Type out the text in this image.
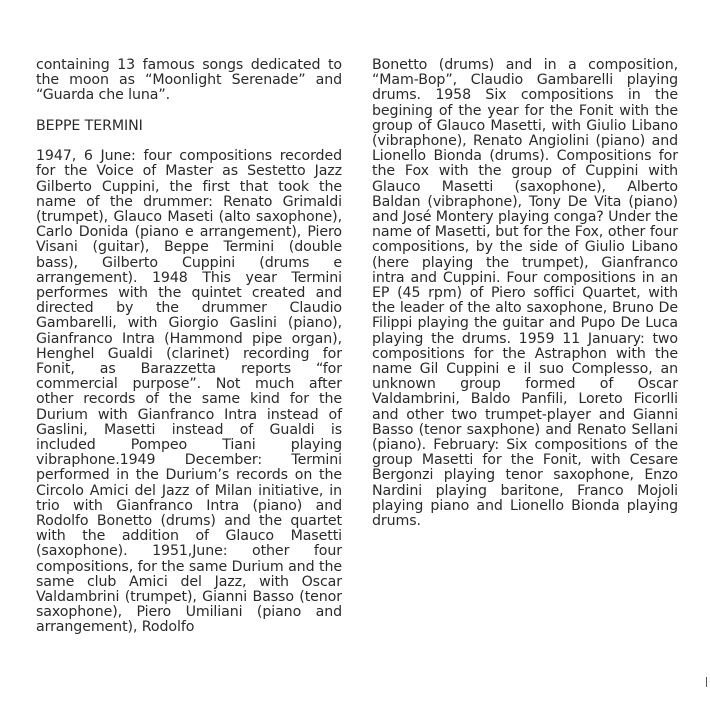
containing 13 famous songs dedicated to the moon as “Moonlight Serenade” and “Guarda che luna”.

BEPPE TERMINI

1947, 6 June: four compositions recorded for the Voice of Master as Sestetto Jazz Gilberto Cuppini, the first that took the name of the drummer: Renato Grimaldi (trumpet), Glauco Maseti (alto saxophone), Carlo Donida (piano e arrangement), Piero Visani (guitar), Beppe Termini (double bass), Gilberto Cuppini (drums e arrangement). 1948 This year Termini performes with the quintet created and directed by the drummer Claudio Gambarelli, with Giorgio Gaslini (piano), Gianfranco Intra (Hammond pipe organ), Henghel Gualdi (clarinet) recording for Fonit, as Barazzetta reports “for commercial purpose”. Not much after other records of the same kind for the Durium with Gianfranco Intra instead of Gaslini, Masetti instead of Gualdi is included Pompeo Tiani playing vibraphone.1949 December: Termini performed in the Durium’s records on the Circolo Amici del Jazz of Milan initiative, in trio with Gianfranco Intra (piano) and Rodolfo Bonetto (drums) and the quartet with the addition of Glauco Masetti (saxophone). 1951,June: other four compositions, for the same Durium and the same club Amici del Jazz, with Oscar Valdambrini (trumpet), Gianni Basso (tenor saxophone), Piero Umiliani (piano and arrangement), Rodolfo

Bonetto (drums) and in a composition, “Mam-Bop”, Claudio Gambarelli playing drums. 1958 Six compositions in the begining of the year for the Fonit with the group of Glauco Masetti, with Giulio Libano (vibraphone), Renato Angiolini (piano) and Lionello Bionda (drums). Compositions for the Fox with the group of Cuppini with Glauco Masetti (saxophone), Alberto Baldan (vibraphone), Tony De Vita (piano) and José Montery playing conga? Under the name of Masetti, but for the Fox, other four compositions, by the side of Giulio Libano (here playing the trumpet), Gianfranco intra and Cuppini. Four compositions in an EP (45 rpm) of Piero soffici Quartet, with the leader of the alto saxophone, Bruno De Filippi playing the guitar and Pupo De Luca playing the drums. 1959 11 January: two compositions for the Astraphon with the name Gil Cuppini e il suo Complesso, an unknown group formed of Oscar Valdambrini, Baldo Panfili, Loreto Ficorlli and other two trumpet-player and Gianni Basso (tenor saxphone) and Renato Sellani (piano). February: Six compositions of the group Masetti for the Fonit, with Cesare Bergonzi playing tenor saxophone, Enzo Nardini playing baritone, Franco Mojoli playing piano and Lionello Bionda playing drums.
